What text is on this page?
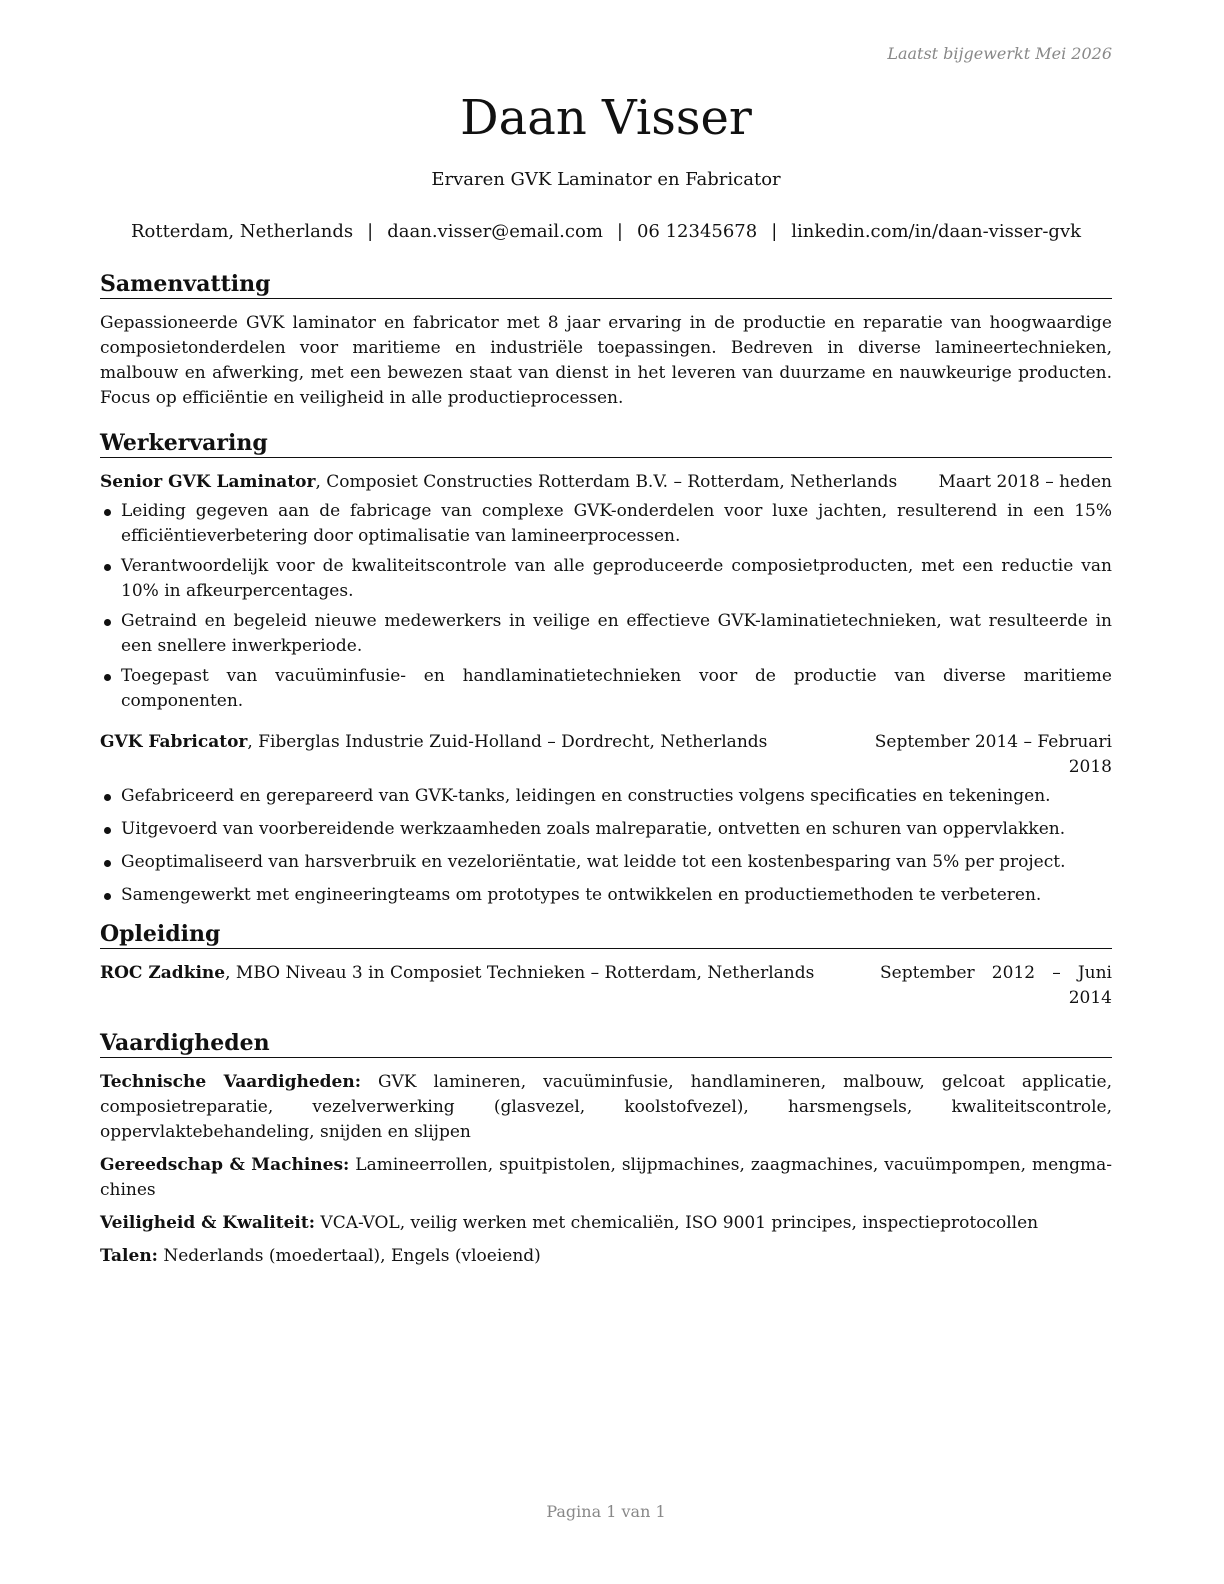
Laatst bijgewerkt Mei 2026
Daan Visser
Ervaren GVK Laminator en Fabricator
Rotterdam, Netherlands | daan.visser@email.com | 06 12345678 | linkedin.com/in/daan-visser-gvk
Samenvatting

Gepassioneerde GVK laminator en fabricator met 8 jaar ervaring in de productie en reparatie van hoogwaardige composietonderdelen voor maritieme en industriële toepassingen. Bedreven in diverse lamineertechnieken, malbouw en afwerking, met een bewezen staat van dienst in het leveren van duurzame en nauwkeurige producten. Focus op efficiëntie en veiligheid in alle productieprocessen.

Werkervaring
Senior GVK Laminator, Composiet Constructies Rotterdam B.V. – Rotterdam, Netherlands	Maart 2018 – heden
Leiding gegeven aan de fabricage van complexe GVK-onderdelen voor luxe jachten, resulterend in een 15% efficiëntieverbetering door optimalisatie van lamineerprocessen.
Verantwoordelijk voor de kwaliteitscontrole van alle geproduceerde composietproducten, met een reductie van 10% in afkeurpercentages.
Getraind en begeleid nieuwe medewerkers in veilige en effectieve GVK-laminatietechnieken, wat resulteerde in een snellere inwerkperiode.
Toegepast van vacuüminfusie- en handlaminatietechnieken voor de productie van diverse maritieme componenten.
GVK Fabricator, Fiberglas Industrie Zuid-Holland – Dordrecht, Netherlands	September 2014 – Februari 2018
Gefabriceerd en gerepareerd van GVK-tanks, leidingen en constructies volgens specificaties en tekeningen.
Uitgevoerd van voorbereidende werkzaamheden zoals malreparatie, ontvetten en schuren van oppervlakken.
Geoptimaliseerd van harsverbruik en vezeloriëntatie, wat leidde tot een kostenbesparing van 5% per project.
Samengewerkt met engineeringteams om prototypes te ontwikkelen en productiemethoden te verbeteren.
Opleiding
ROC Zadkine, MBO Niveau 3 in Composiet Technieken – Rotterdam, Netherlands	September 2012 – Juni 2014
Vaardigheden
Technische Vaardigheden: GVK lamineren, vacuüminfusie, handlamineren, malbouw, gelcoat applicatie, composietreparatie, vezelverwerking (glasvezel, koolstofvezel), harsmengsels, kwaliteitscontrole, oppervlaktebehandeling, snijden en slijpen
Gereedschap & Machines: Lamineerrollen, spuitpistolen, slijpmachines, zaagmachines, vacuümpompen, mengmachines
Veiligheid & Kwaliteit: VCA-VOL, veilig werken met chemicaliën, ISO 9001 principes, inspectieprotocollen
Talen: Nederlands (moedertaal), Engels (vloeiend)
Pagina 1 van 1
